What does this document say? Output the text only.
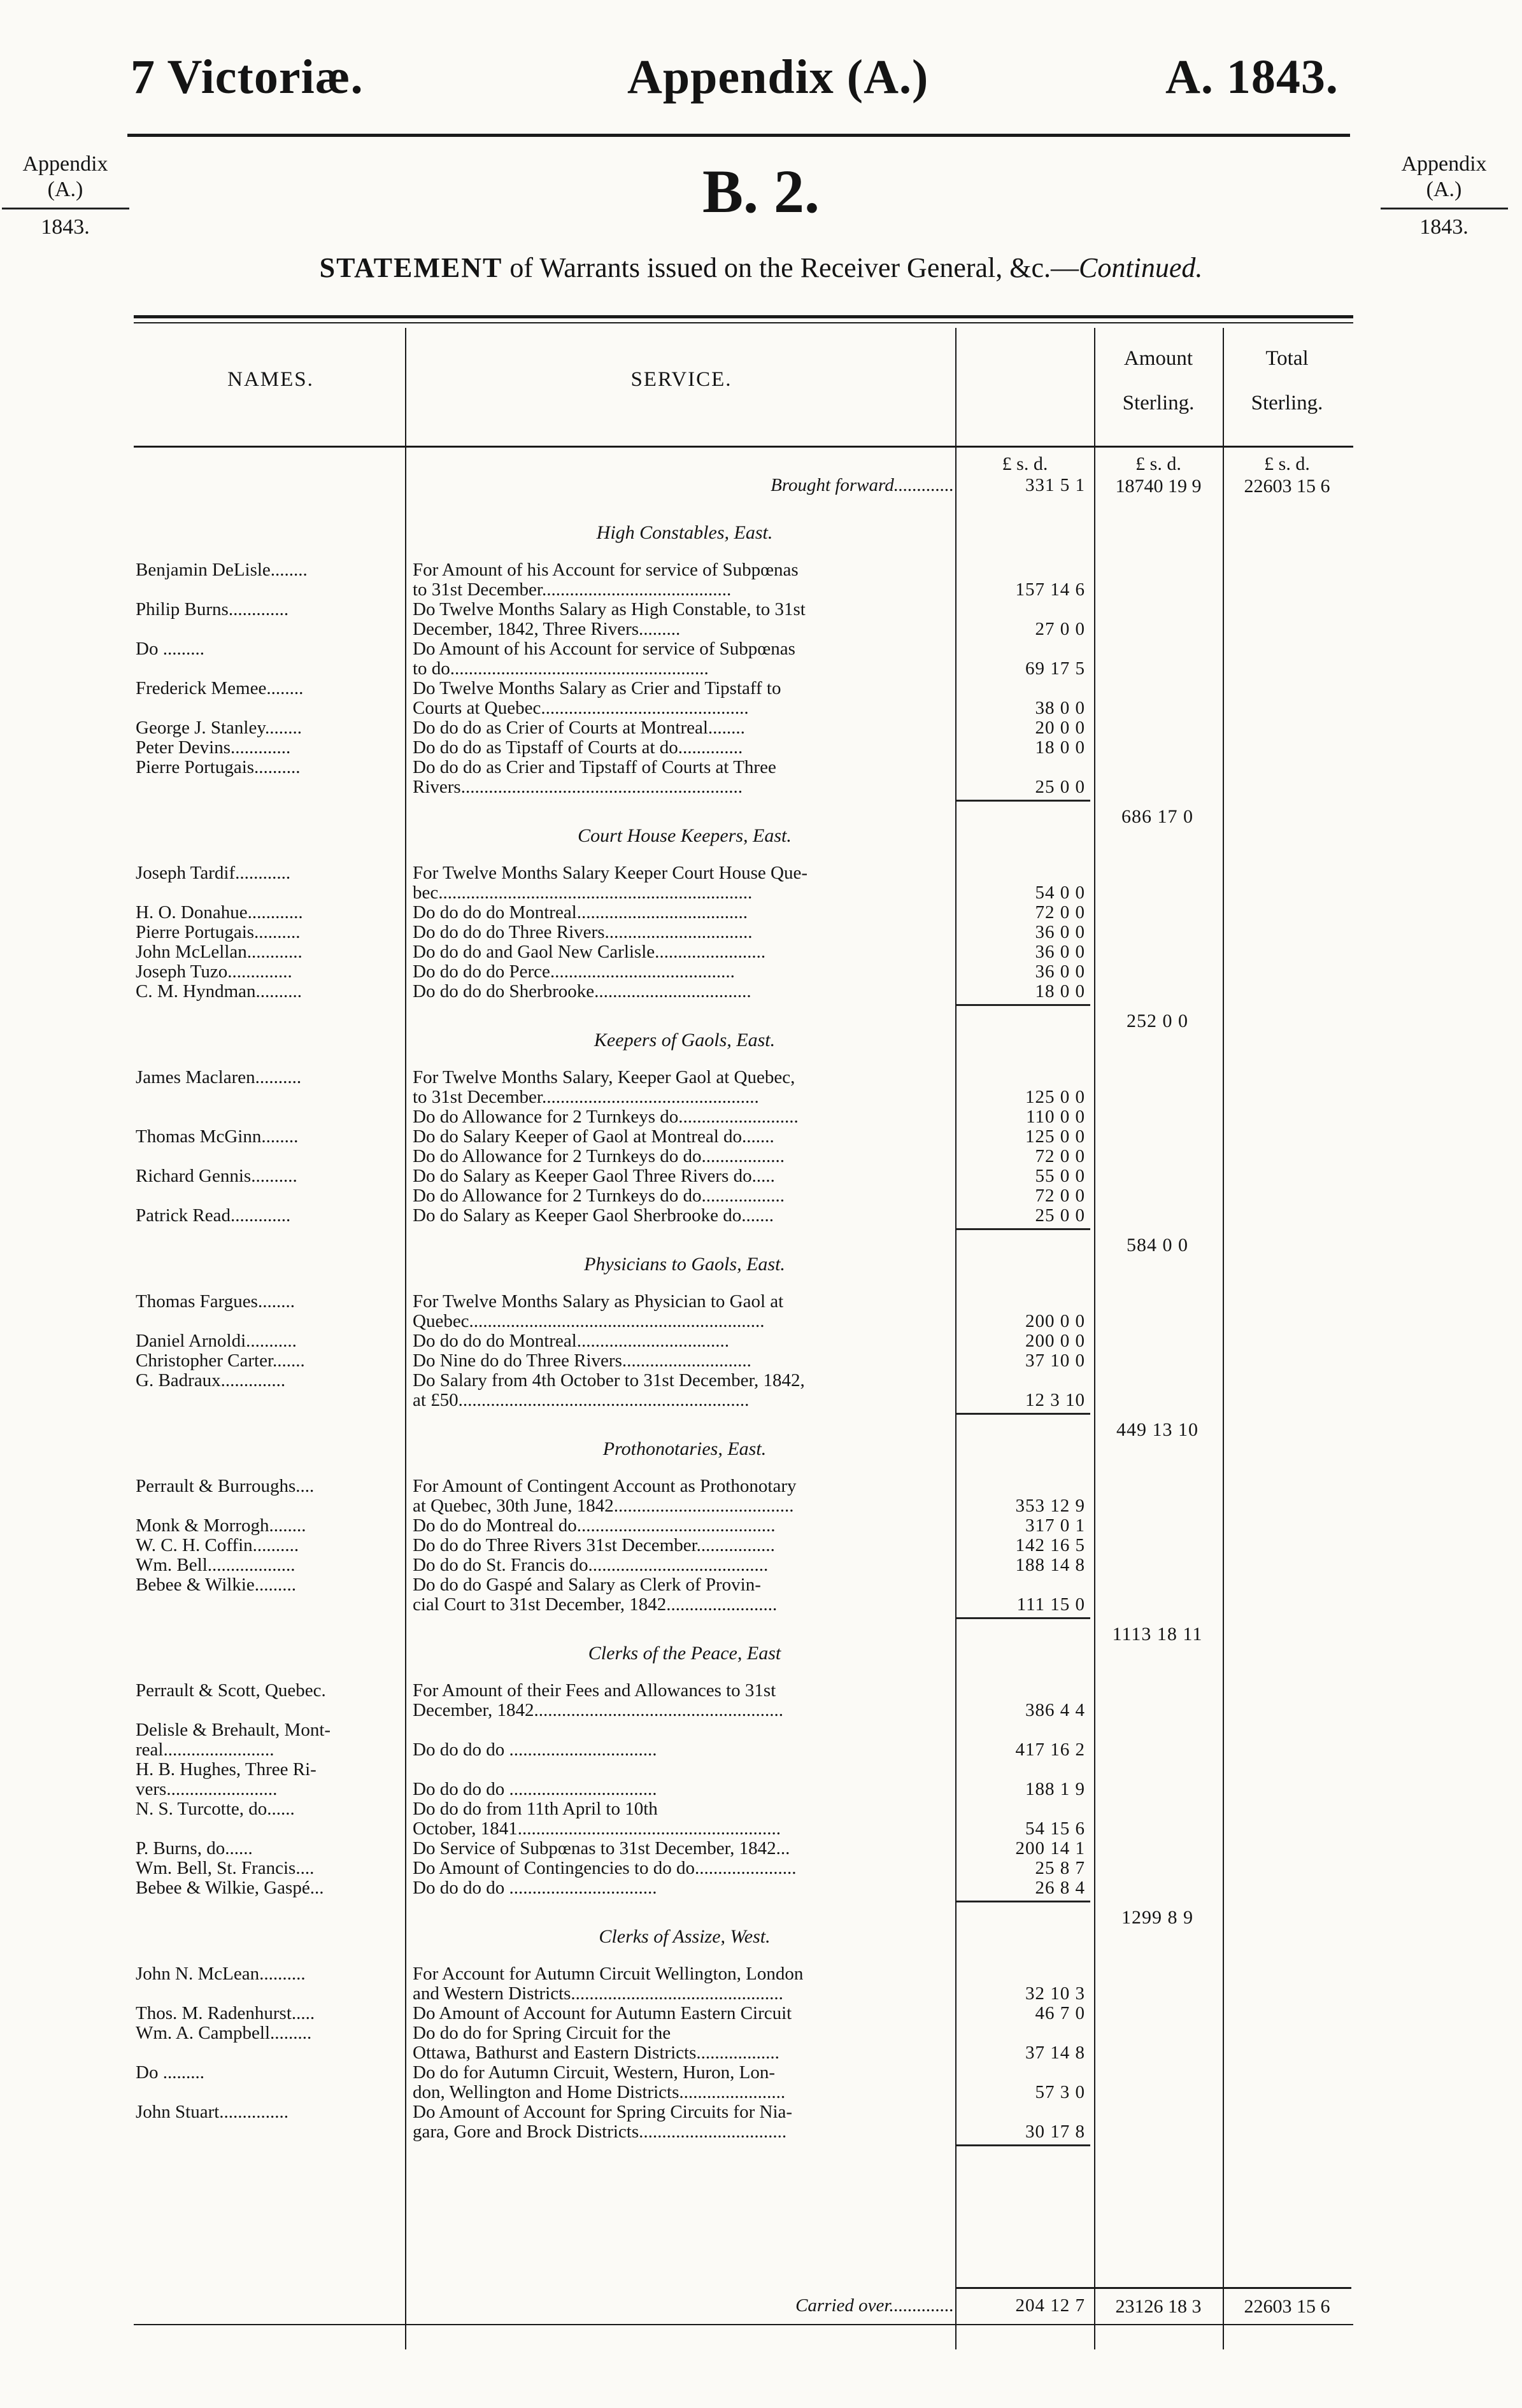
7 Victoriæ.	Appendix (A.)	A. 1843.
Appendix
(A.)
1843.
Appendix
(A.)
1843.
B. 2.
STATEMENT of Warrants issued on the Receiver General, &c.—Continued.
NAMES.	SERVICE.
Amount
Sterling.
Total
Sterling.
£ s. d.	£ s. d.	£ s. d.
Brought forward.............	331 5 1	18740 19 9	22603 15 6
High Constables, East.
Benjamin DeLisle........	For Amount of his Account for service of Subpœnas
to 31st December.........................................	157 14 6
Philip Burns.............	Do Twelve Months Salary as High Constable, to 31st
December, 1842, Three Rivers.........	27 0 0
Do .........	Do Amount of his Account for service of Subpœnas
to do........................................................	69 17 5
Frederick Memee........	Do Twelve Months Salary as Crier and Tipstaff to
Courts at Quebec.............................................	38 0 0
George J. Stanley........	Do do do as Crier of Courts at Montreal........	20 0 0
Peter Devins.............	Do do do as Tipstaff of Courts at do..............	18 0 0
Pierre Portugais..........	Do do do as Crier and Tipstaff of Courts at Three
Rivers.............................................................	25 0 0
686 17 0
Court House Keepers, East.
Joseph Tardif............	For Twelve Months Salary Keeper Court House Que-
bec....................................................................	54 0 0
H. O. Donahue............	Do do do do Montreal.....................................	72 0 0
Pierre Portugais..........	Do do do do Three Rivers................................	36 0 0
John McLellan............	Do do do and Gaol New Carlisle........................	36 0 0
Joseph Tuzo..............	Do do do do Perce........................................	36 0 0
C. M. Hyndman..........	Do do do do Sherbrooke..................................	18 0 0
252 0 0
Keepers of Gaols, East.
James Maclaren..........	For Twelve Months Salary, Keeper Gaol at Quebec,
to 31st December...............................................	125 0 0
Do do Allowance for 2 Turnkeys do..........................	110 0 0
Thomas McGinn........	Do do Salary Keeper of Gaol at Montreal do.......	125 0 0
Do do Allowance for 2 Turnkeys do do..................	72 0 0
Richard Gennis..........	Do do Salary as Keeper Gaol Three Rivers do.....	55 0 0
Do do Allowance for 2 Turnkeys do do..................	72 0 0
Patrick Read.............	Do do Salary as Keeper Gaol Sherbrooke do.......	25 0 0
584 0 0
Physicians to Gaols, East.
Thomas Fargues........	For Twelve Months Salary as Physician to Gaol at
Quebec................................................................	200 0 0
Daniel Arnoldi...........	Do do do do Montreal.................................	200 0 0
Christopher Carter.......	Do Nine do do Three Rivers............................	37 10 0
G. Badraux..............	Do Salary from 4th October to 31st December, 1842,
at £50...............................................................	12 3 10
449 13 10
Prothonotaries, East.
Perrault & Burroughs....	For Amount of Contingent Account as Prothonotary
at Quebec, 30th June, 1842.......................................	353 12 9
Monk & Morrogh........	Do do do Montreal do...........................................	317 0 1
W. C. H. Coffin..........	Do do do Three Rivers 31st December.................	142 16 5
Wm. Bell...................	Do do do St. Francis do.......................................	188 14 8
Bebee & Wilkie.........	Do do do Gaspé and Salary as Clerk of Provin-
cial Court to 31st December, 1842........................	111 15 0
1113 18 11
Clerks of the Peace, East
Perrault & Scott, Quebec.	For Amount of their Fees and Allowances to 31st
December, 1842......................................................	386 4 4
Delisle & Brehault, Mont-
real........................	Do do do do ................................	417 16 2
H. B. Hughes, Three Ri-
vers........................	Do do do do ................................	188 1 9
N. S. Turcotte, do......	Do do do from 11th April to 10th
October, 1841.........................................................	54 15 6
P. Burns, do......	Do Service of Subpœnas to 31st December, 1842...	200 14 1
Wm. Bell, St. Francis....	Do Amount of Contingencies to do do......................	25 8 7
Bebee & Wilkie, Gaspé...	Do do do do ................................	26 8 4
1299 8 9
Clerks of Assize, West.
John N. McLean..........	For Account for Autumn Circuit Wellington, London
and Western Districts..............................................	32 10 3
Thos. M. Radenhurst.....	Do Amount of Account for Autumn Eastern Circuit	46 7 0
Wm. A. Campbell.........	Do do do for Spring Circuit for the
Ottawa, Bathurst and Eastern Districts..................	37 14 8
Do .........	Do do for Autumn Circuit, Western, Huron, Lon-
don, Wellington and Home Districts.......................	57 3 0
John Stuart...............	Do Amount of Account for Spring Circuits for Nia-
gara, Gore and Brock Districts................................	30 17 8
Carried over..............	204 12 7	23126 18 3	22603 15 6
